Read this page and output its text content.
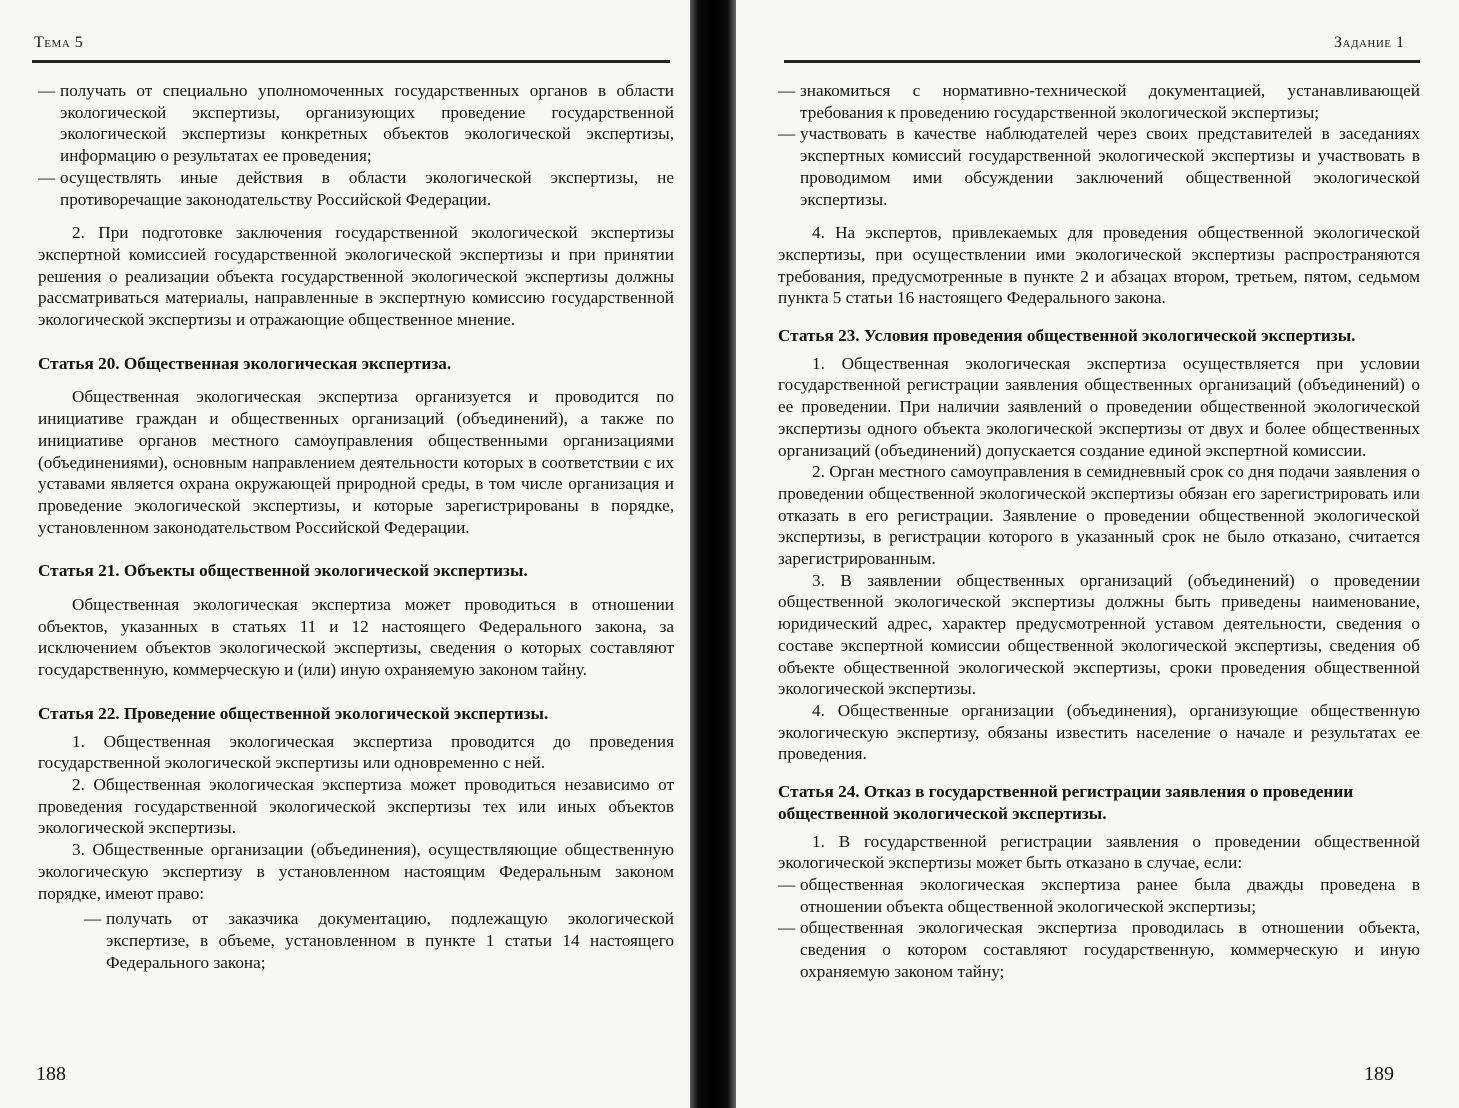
Тема 5

— получать от специально уполномоченных государственных органов в области экологической экспертизы, организующих проведение государственной экологической экспертизы конкретных объектов экологической экспертизы, информацию о результатах ее проведения;

— осуществлять иные действия в области экологической экспертизы, не противоречащие законодательству Российской Федерации.

2. При подготовке заключения государственной экологической экспертизы экспертной комиссией государственной экологической экспертизы и при принятии решения о реализации объекта государственной экологической экспертизы должны рассматриваться материалы, направленные в экспертную комиссию государственной экологической экспертизы и отражающие общественное мнение.

Статья 20. Общественная экологическая экспертиза.

Общественная экологическая экспертиза организуется и проводится по инициативе граждан и общественных организаций (объединений), а также по инициативе органов местного самоуправления общественными организациями (объединениями), основным направлением деятельности которых в соответствии с их уставами является охрана окружающей природной среды, в том числе организация и проведение экологической экспертизы, и которые зарегистрированы в порядке, установленном законодательством Российской Федерации.

Статья 21. Объекты общественной экологической экспертизы.

Общественная экологическая экспертиза может проводиться в отношении объектов, указанных в статьях 11 и 12 настоящего Федерального закона, за исключением объектов экологической экспертизы, сведения о которых составляют государственную, коммерческую и (или) иную охраняемую законом тайну.

Статья 22. Проведение общественной экологической экспертизы.

1. Общественная экологическая экспертиза проводится до проведения государственной экологической экспертизы или одновременно с ней.

2. Общественная экологическая экспертиза может проводиться независимо от проведения государственной экологической экспертизы тех или иных объектов экологической экспертизы.

3. Общественные организации (объединения), осуществляющие общественную экологическую экспертизу в установленном настоящим Федеральным законом порядке, имеют право:

— получать от заказчика документацию, подлежащую экологической экспертизе, в объеме, установленном в пункте 1 статьи 14 настоящего Федерального закона;

188
Задание 1

— знакомиться с нормативно-технической документацией, устанавливающей требования к проведению государственной экологической экспертизы;

— участвовать в качестве наблюдателей через своих представителей в заседаниях экспертных комиссий государственной экологической экспертизы и участвовать в проводимом ими обсуждении заключений общественной экологической экспертизы.

4. На экспертов, привлекаемых для проведения общественной экологической экспертизы, при осуществлении ими экологической экспертизы распространяются требования, предусмотренные в пункте 2 и абзацах втором, третьем, пятом, седьмом пункта 5 статьи 16 настоящего Федерального закона.

Статья 23. Условия проведения общественной экологической экспертизы.

1. Общественная экологическая экспертиза осуществляется при условии государственной регистрации заявления общественных организаций (объединений) о ее проведении. При наличии заявлений о проведении общественной экологической экспертизы одного объекта экологической экспертизы от двух и более общественных организаций (объединений) допускается создание единой экспертной комиссии.

2. Орган местного самоуправления в семидневный срок со дня подачи заявления о проведении общественной экологической экспертизы обязан его зарегистрировать или отказать в его регистрации. Заявление о проведении общественной экологической экспертизы, в регистрации которого в указанный срок не было отказано, считается зарегистрированным.

3. В заявлении общественных организаций (объединений) о проведении общественной экологической экспертизы должны быть приведены наименование, юридический адрес, характер предусмотренной уставом деятельности, сведения о составе экспертной комиссии общественной экологической экспертизы, сведения об объекте общественной экологической экспертизы, сроки проведения общественной экологической экспертизы.

4. Общественные организации (объединения), организующие общественную экологическую экспертизу, обязаны известить население о начале и результатах ее проведения.

Статья 24. Отказ в государственной регистрации заявления о проведении общественной экологической экспертизы.

1. В государственной регистрации заявления о проведении общественной экологической экспертизы может быть отказано в случае, если:

— общественная экологическая экспертиза ранее была дважды проведена в отношении объекта общественной экологической экспертизы;

— общественная экологическая экспертиза проводилась в отношении объекта, сведения о котором составляют государственную, коммерческую и иную охраняемую законом тайну;

189
